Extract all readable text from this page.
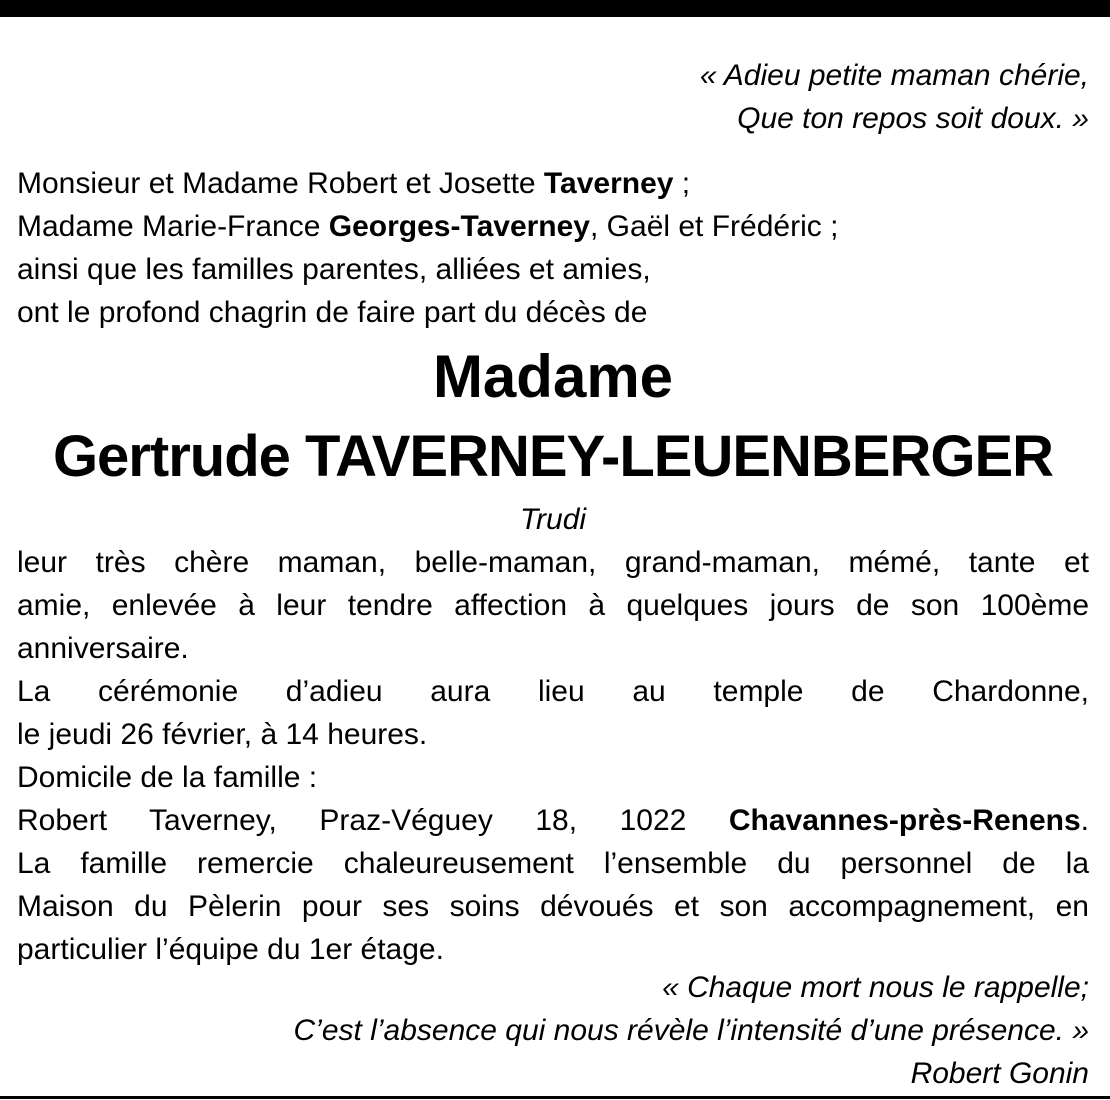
« Adieu petite maman chérie,
Que ton repos soit doux. »
Monsieur et Madame Robert et Josette Taverney ;
Madame Marie-France Georges-Taverney, Gaël et Frédéric ;
ainsi que les familles parentes, alliées et amies,
ont le profond chagrin de faire part du décès de
Madame
Gertrude TAVERNEY-LEUENBERGER
Trudi
leur très chère maman, belle-maman, grand-maman, mémé, tante et
amie, enlevée à leur tendre affection à quelques jours de son 100ème
anniversaire.
La cérémonie d’adieu aura lieu au temple de Chardonne,
le jeudi 26 février, à 14 heures.
Domicile de la famille :
Robert Taverney, Praz-Véguey 18, 1022 Chavannes-près-Renens.
La famille remercie chaleureusement l’ensemble du personnel de la
Maison du Pèlerin pour ses soins dévoués et son accompagnement, en
particulier l’équipe du 1er étage.
« Chaque mort nous le rappelle;
C’est l’absence qui nous révèle l’intensité d’une présence. »
Robert Gonin
